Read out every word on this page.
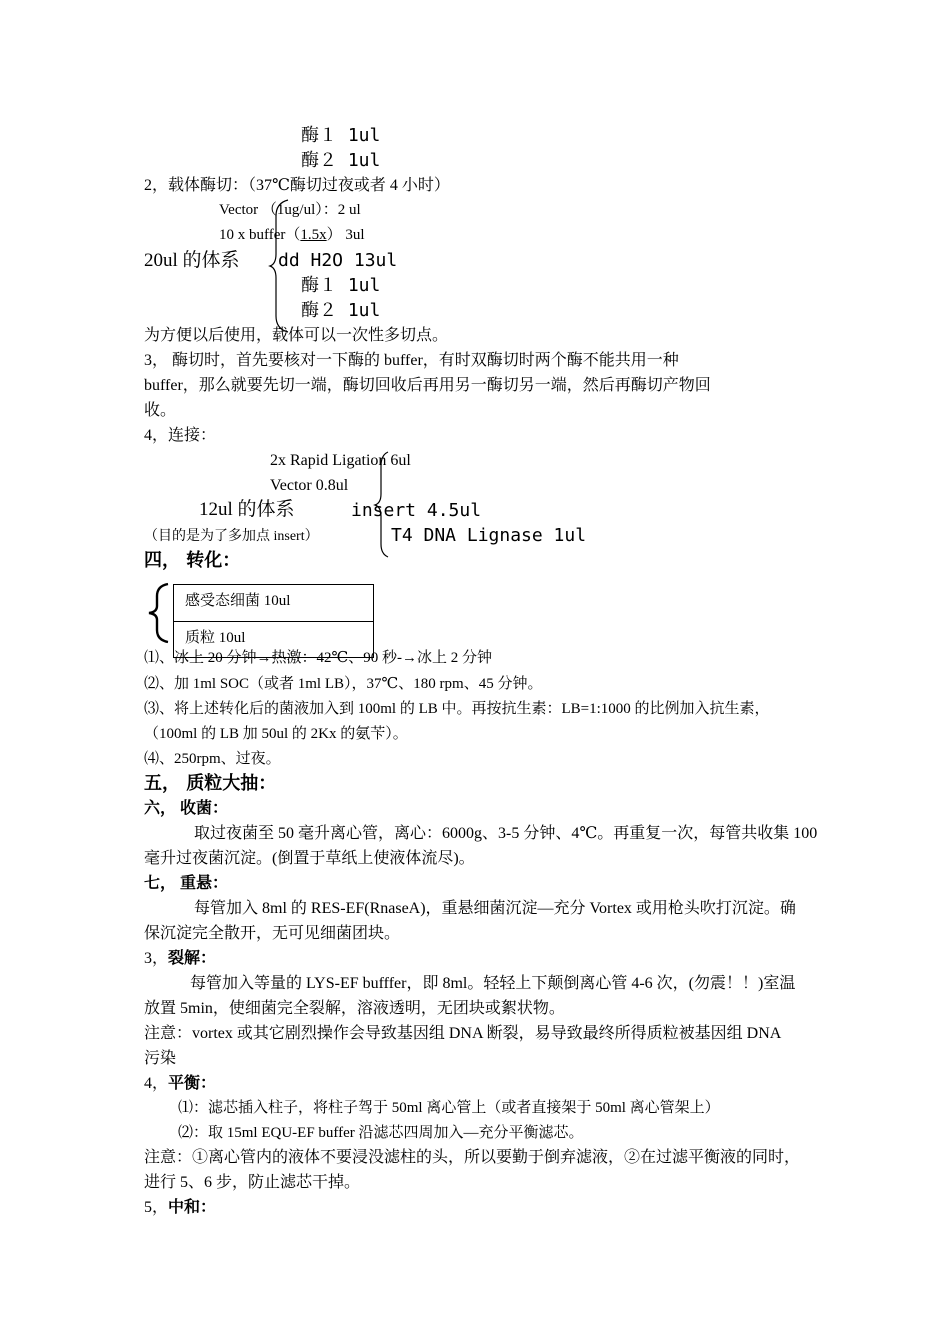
酶１ 1ul
酶２ 1ul
2，载体酶切：（37℃酶切过夜或者 4 小时）
Vector （1ug/ul）：2 ul
10 x buffer（1.5x） 3ul
20ul 的体系 dd H2O 13ul
酶１ 1ul
酶２ 1ul
为方便以后使用，载体可以一次性多切点。
3， 酶切时，首先要核对一下酶的 buffer，有时双酶切时两个酶不能共用一种
buffer，那么就要先切一端，酶切回收后再用另一酶切另一端，然后再酶切产物回
收。
4，连接：
2x Rapid Ligation 6ul
Vector 0.8ul
12ul 的体系	insert 4.5ul
（目的是为了多加点 insert）	T4 DNA Lignase 1ul
四， 转化：
感受态细菌 10ul
质粒 10ul
⑴、冰上 20 分钟→热激：42℃、90 秒-→冰上 2 分钟
⑵、加 1ml SOC（或者 1ml LB），37℃、180 rpm、45 分钟。
⑶、将上述转化后的菌液加入到 100ml 的 LB 中。再按抗生素：LB=1:1000 的比例加入抗生素，
（100ml 的 LB 加 50ul 的 2Kx 的氨苄）。
⑷、250rpm、过夜。
五， 质粒大抽：
六， 收菌：
取过夜菌至 50 毫升离心管，离心：6000g、3-5 分钟、4℃。再重复一次，每管共收集 100
毫升过夜菌沉淀。(倒置于草纸上使液体流尽)。
七， 重悬：
每管加入 8ml 的 RES-EF(RnaseA)，重悬细菌沉淀—充分 Vortex 或用枪头吹打沉淀。确
保沉淀完全散开，无可见细菌团块。
3，裂解：
每管加入等量的 LYS-EF bufffer，即 8ml。轻轻上下颠倒离心管 4-6 次，(勿震！！)室温
放置 5min，使细菌完全裂解，溶液透明，无团块或絮状物。
注意：vortex 或其它剧烈操作会导致基因组 DNA 断裂，易导致最终所得质粒被基因组 DNA
污染
4，平衡：
⑴：滤芯插入柱子，将柱子驾于 50ml 离心管上（或者直接架于 50ml 离心管架上）
⑵：取 15ml EQU-EF buffer 沿滤芯四周加入—充分平衡滤芯。
注意：①离心管内的液体不要浸没滤柱的头，所以要勤于倒弃滤液，②在过滤平衡液的同时，
进行 5、6 步，防止滤芯干掉。
5，中和：
